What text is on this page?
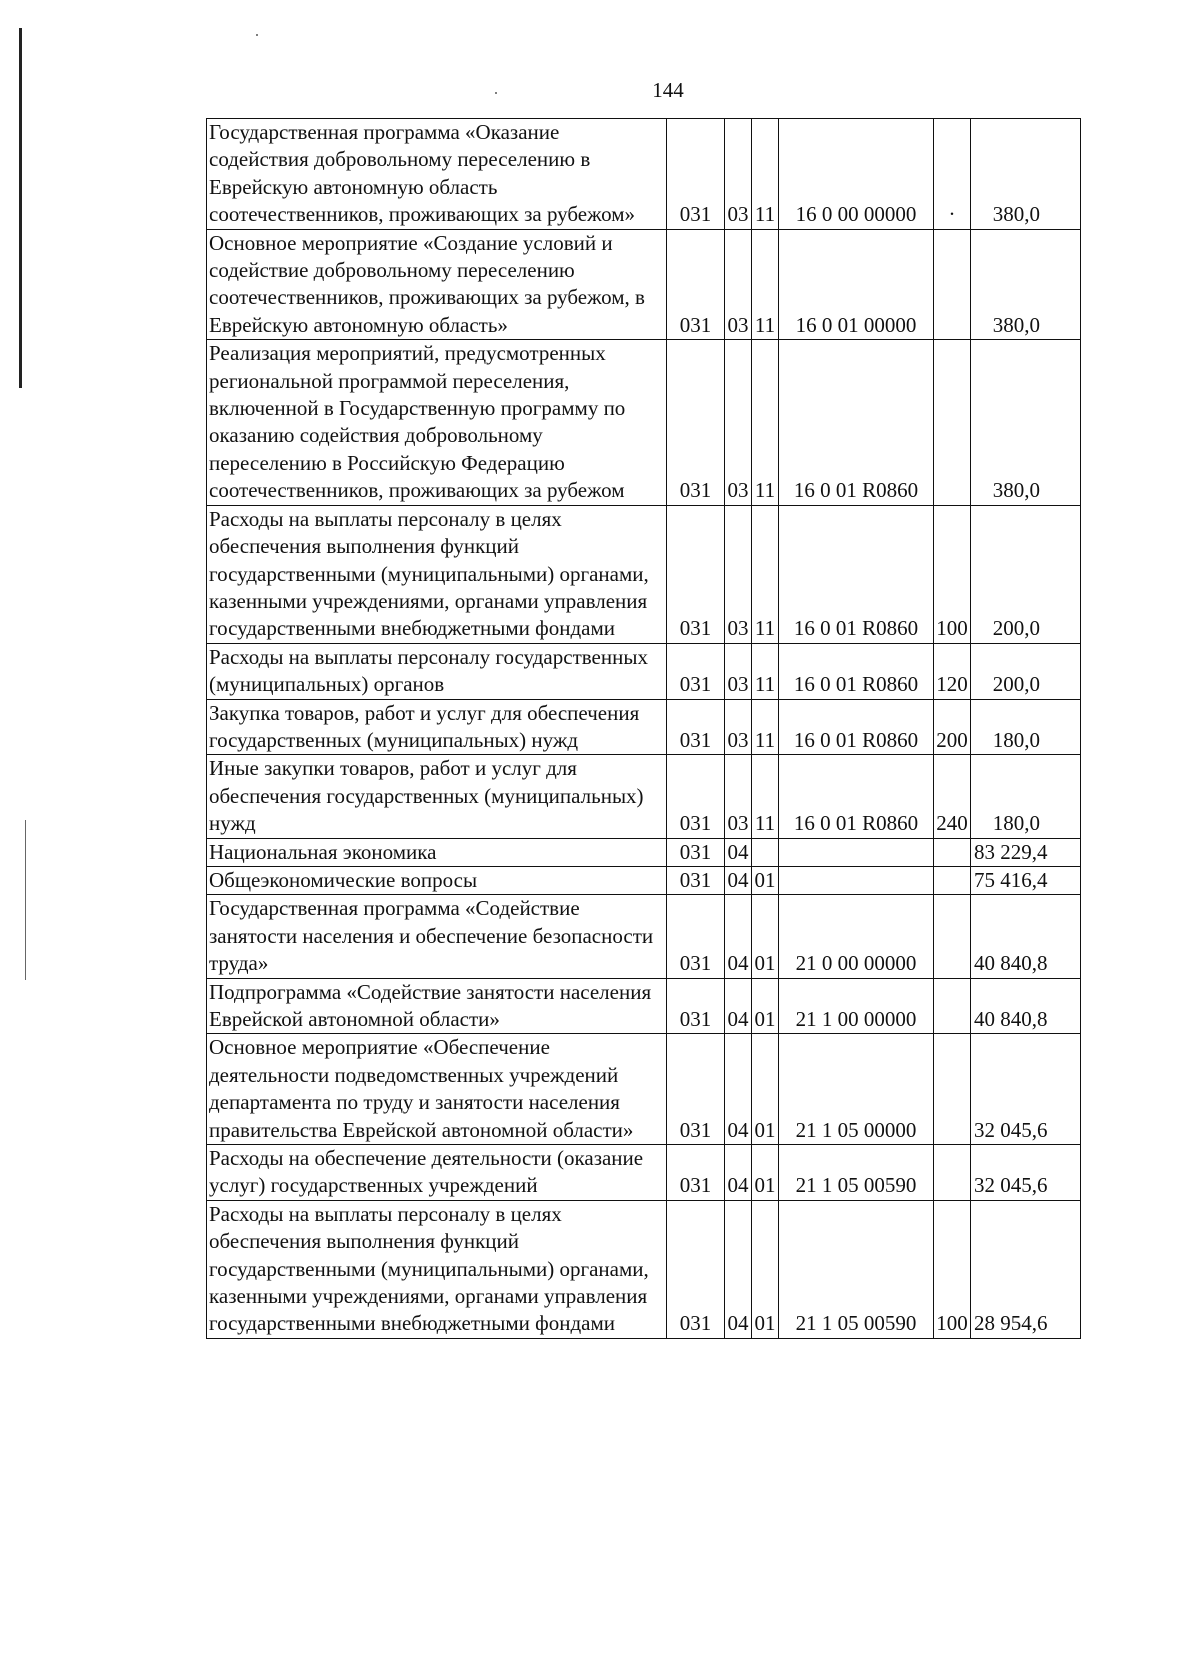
144
Государственная программа «Оказание содействия добровольному переселению в Еврейскую автономную область соотечественников, проживающих за рубежом»	031	03	11	16 0 00 00000	·	380,0
Основное мероприятие «Создание условий и содействие добровольному переселению соотечественников, проживающих за рубежом, в Еврейскую автономную область»	031	03	11	16 0 01 00000		380,0
Реализация мероприятий, предусмотренных региональной программой переселения, включенной в Государственную программу по оказанию содействия добровольному переселению в Российскую Федерацию соотечественников, проживающих за рубежом	031	03	11	16 0 01 R0860		380,0
Расходы на выплаты персоналу в целях обеспечения выполнения функций государственными (муниципальными) органами, казенными учреждениями, органами управления государственными внебюджетными фондами	031	03	11	16 0 01 R0860	100	200,0
Расходы на выплаты персоналу государственных (муниципальных) органов	031	03	11	16 0 01 R0860	120	200,0
Закупка товаров, работ и услуг для обеспечения государственных (муниципальных) нужд	031	03	11	16 0 01 R0860	200	180,0
Иные закупки товаров, работ и услуг для обеспечения государственных (муниципальных) нужд	031	03	11	16 0 01 R0860	240	180,0
Национальная экономика	031	04				83 229,4
Общеэкономические вопросы	031	04	01			75 416,4
Государственная программа «Содействие занятости населения и обеспечение безопасности труда»	031	04	01	21 0 00 00000		40 840,8
Подпрограмма «Содействие занятости населения Еврейской автономной области»	031	04	01	21 1 00 00000		40 840,8
Основное мероприятие «Обеспечение деятельности подведомственных учреждений департамента по труду и занятости населения правительства Еврейской автономной области»	031	04	01	21 1 05 00000		32 045,6
Расходы на обеспечение деятельности (оказание услуг) государственных учреждений	031	04	01	21 1 05 00590		32 045,6
Расходы на выплаты персоналу в целях обеспечения выполнения функций государственными (муниципальными) органами, казенными учреждениями, органами управления государственными внебюджетными фондами	031	04	01	21 1 05 00590	100	28 954,6
